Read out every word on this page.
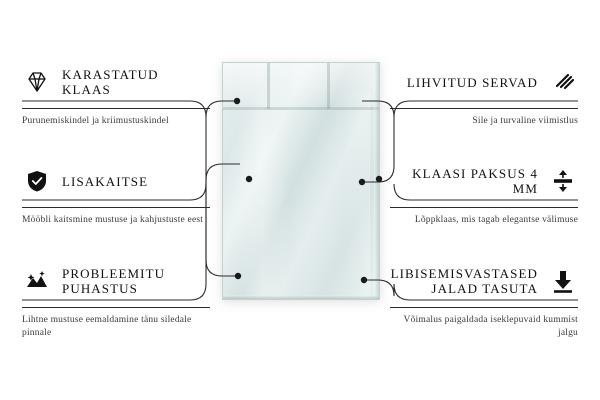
KARASTATUD KLAAS
Purunemiskindel ja kriimustuskindel
LISAKAITSE
Mööbli kaitsmine mustuse ja kahjustuste eest
PROBLEEMITU PUHASTUS
Lihtne mustuse eemaldamine tänu siledale pinnale
LIHVITUD SERVAD
Sile ja turvaline viimistlus
KLAASI PAKSUS 4 MM
Lõppklaas, mis tagab elegantse välimuse
LIBISEMISVASTASED JALAD TASUTA
Võimalus paigaldada iseklepuvaid kummist jalgu
